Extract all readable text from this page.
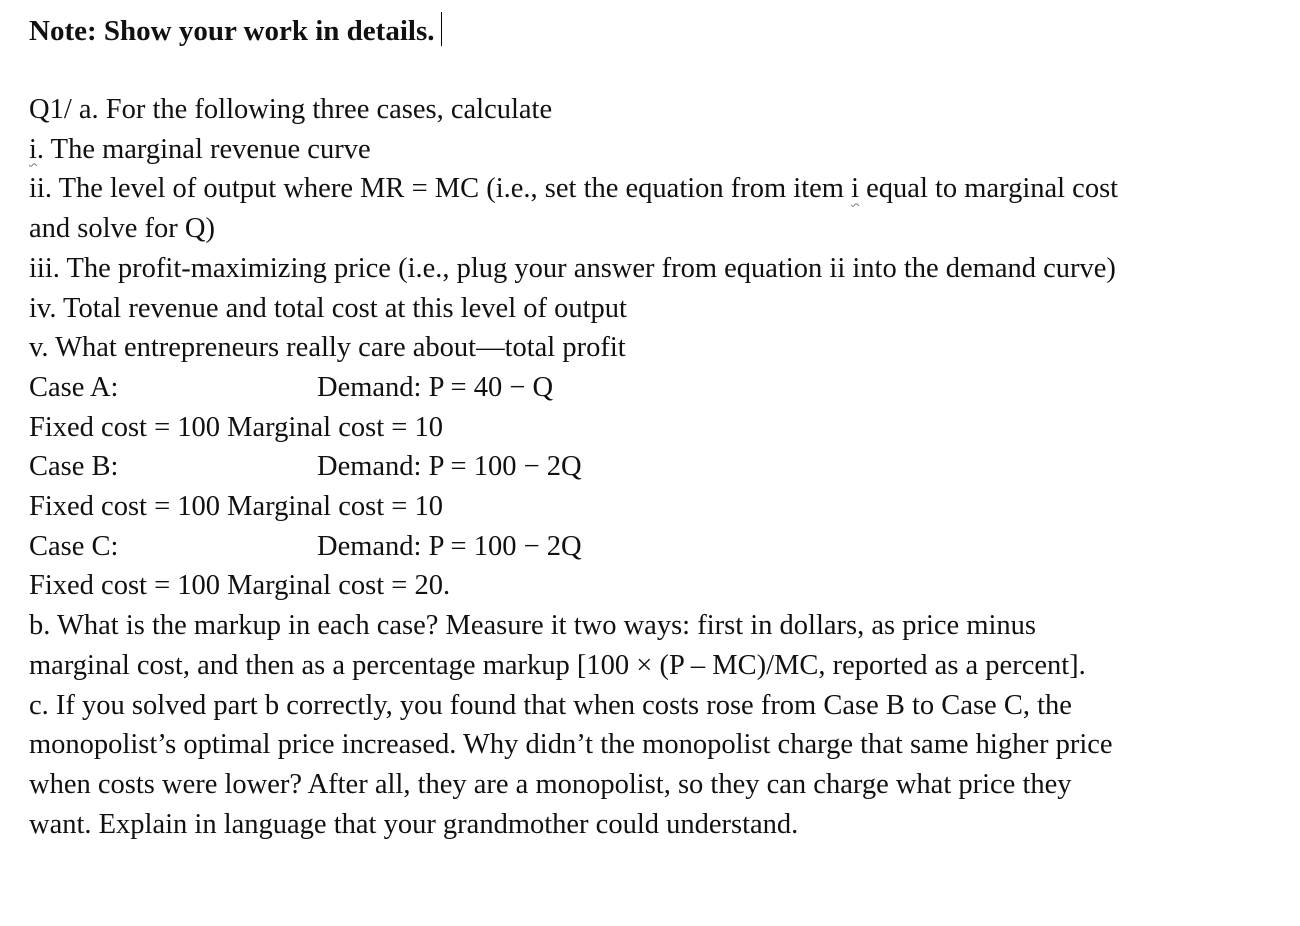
Note: Show your work in details.
Q1/ a. For the following three cases, calculate
i. The marginal revenue curve
ii. The level of output where MR = MC (i.e., set the equation from item i equal to marginal cost
and solve for Q)
iii. The profit-maximizing price (i.e., plug your answer from equation ii into the demand curve)
iv. Total revenue and total cost at this level of output
v. What entrepreneurs really care about—total profit
Case A:	Demand: P = 40 − Q
Fixed cost = 100 Marginal cost = 10
Case B:	Demand: P = 100 − 2Q
Fixed cost = 100 Marginal cost = 10
Case C:	Demand: P = 100 − 2Q
Fixed cost = 100 Marginal cost = 20.
b. What is the markup in each case? Measure it two ways: first in dollars, as price minus
marginal cost, and then as a percentage markup [100 × (P – MC)/MC, reported as a percent].
c. If you solved part b correctly, you found that when costs rose from Case B to Case C, the
monopolist’s optimal price increased. Why didn’t the monopolist charge that same higher price
when costs were lower? After all, they are a monopolist, so they can charge what price they
want. Explain in language that your grandmother could understand.
